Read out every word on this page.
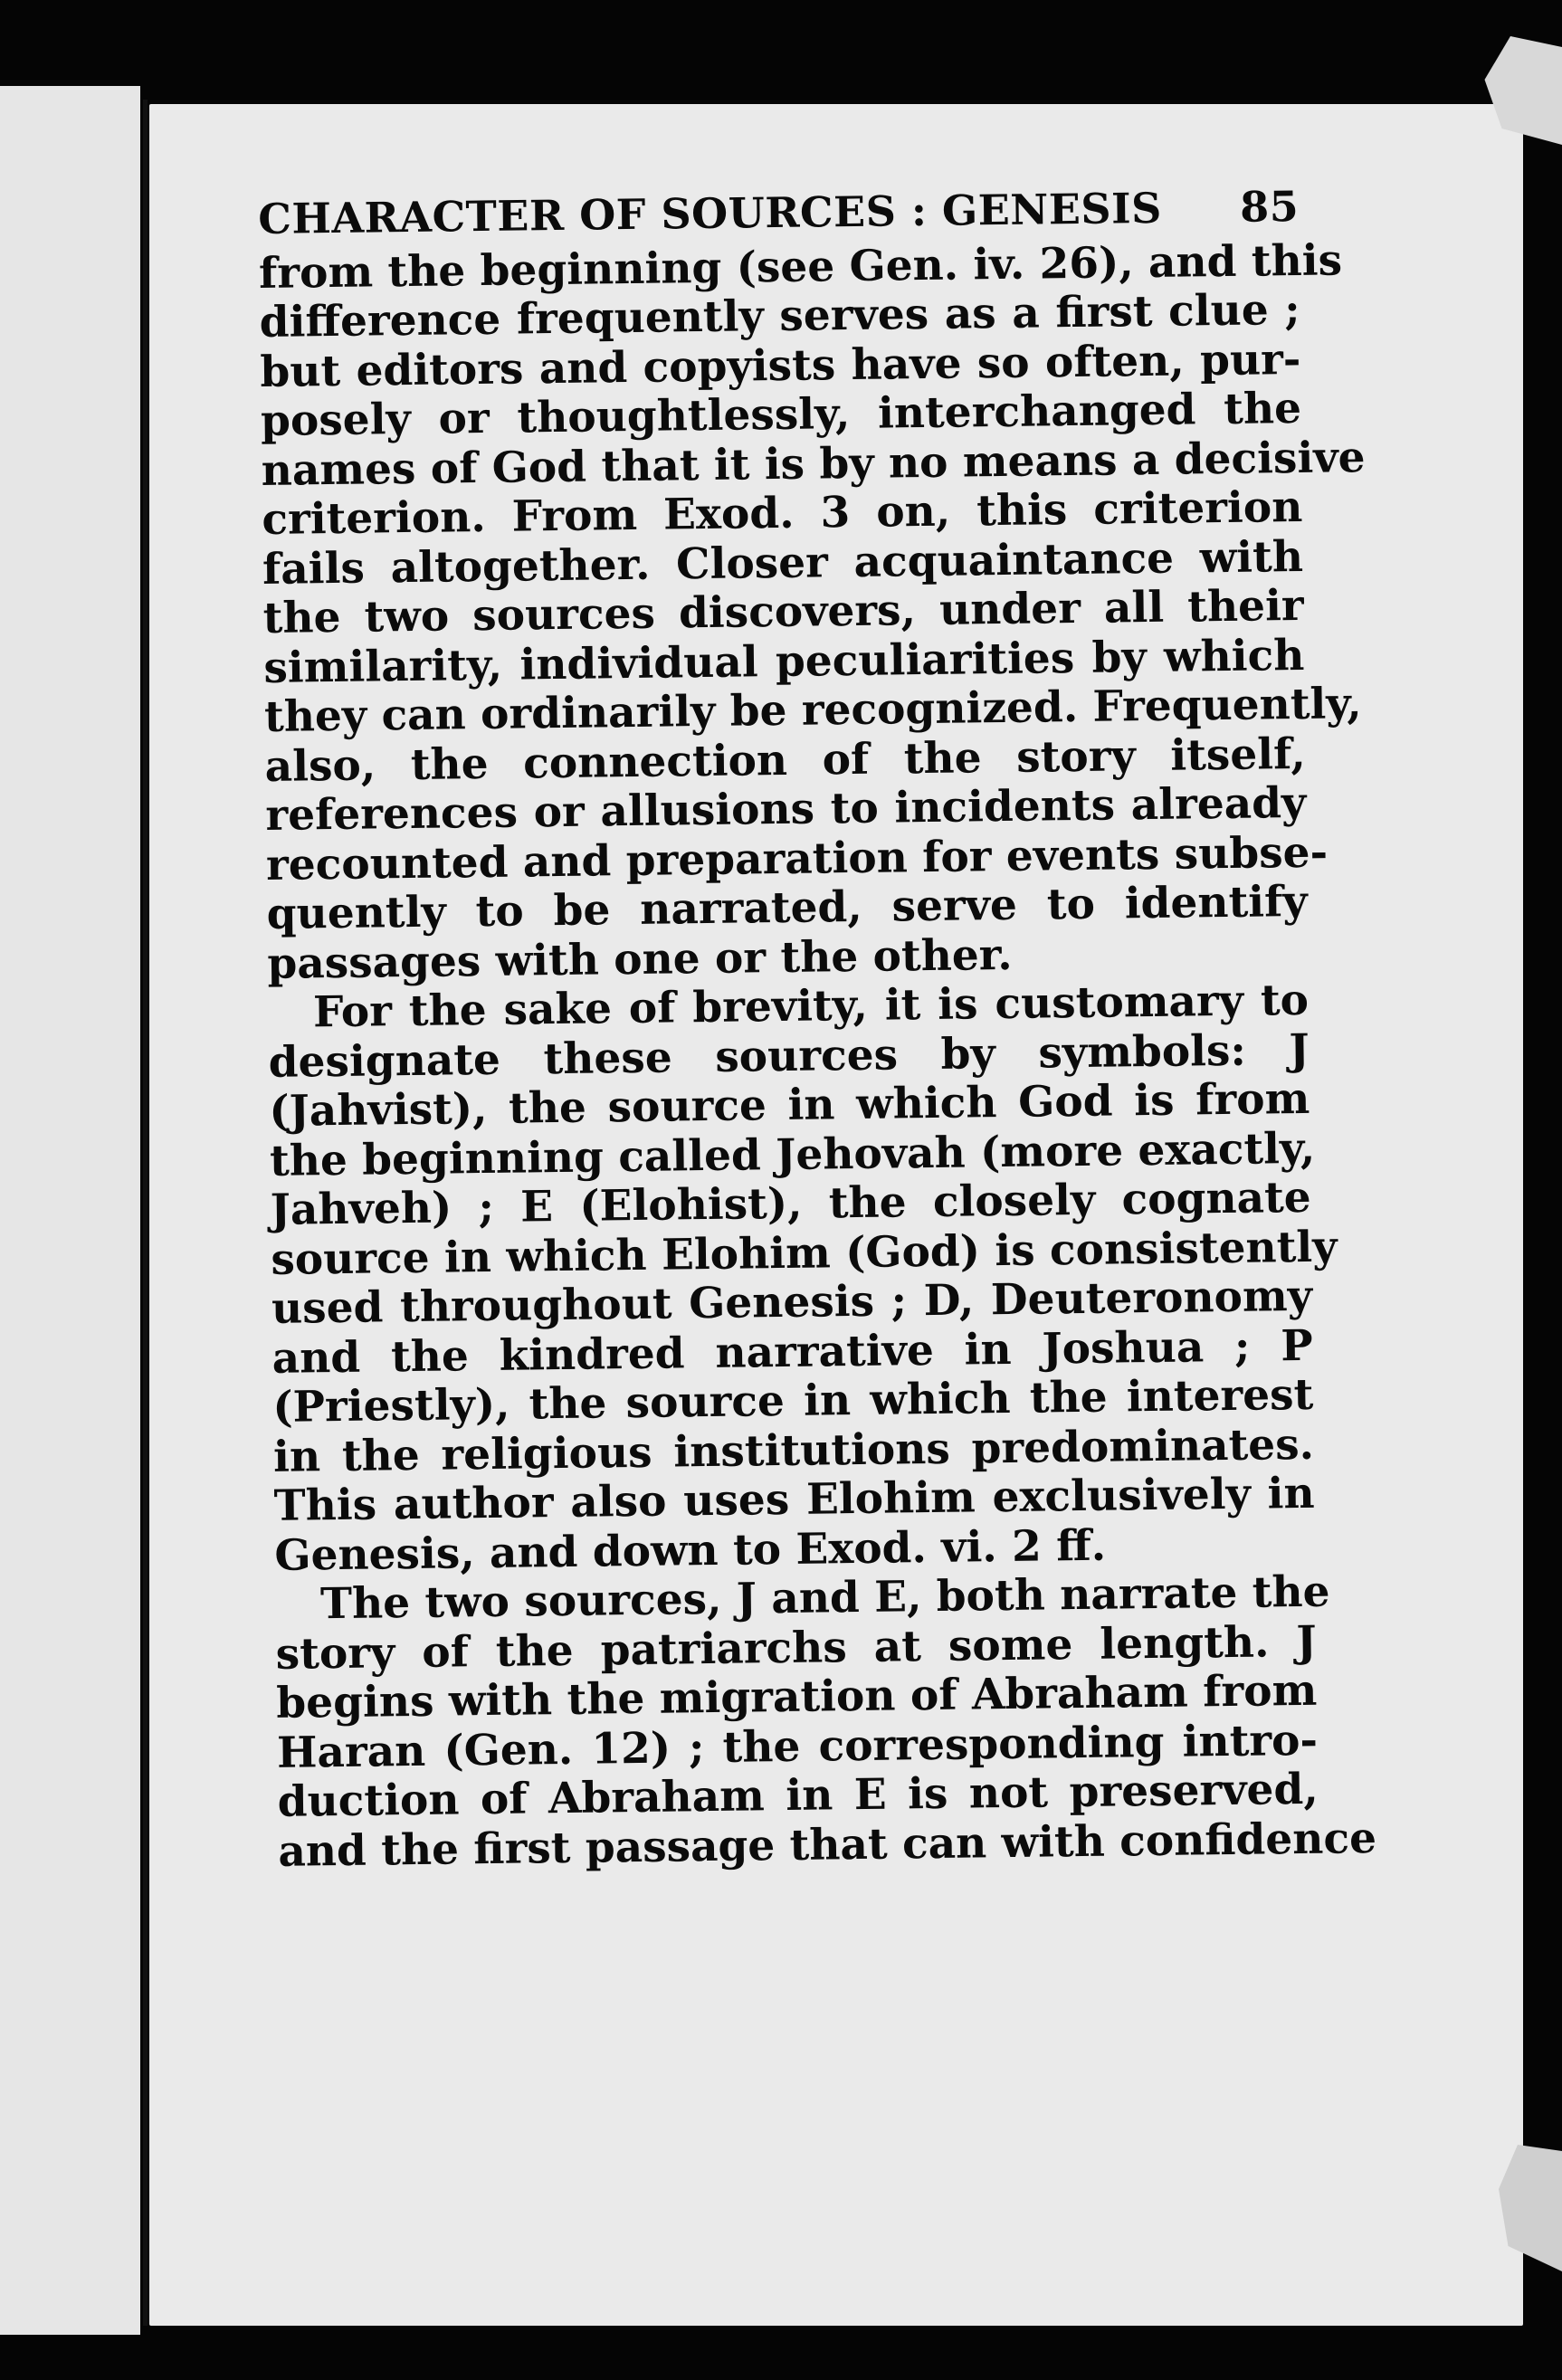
CHARACTER OF SOURCES : GENESIS 85
from the beginning (see Gen. iv. 26), and this
difference frequently serves as a first clue ;
but editors and copyists have so often, pur-
posely or thoughtlessly, interchanged the
names of God that it is by no means a decisive
criterion. From Exod. 3 on, this criterion
fails altogether. Closer acquaintance with
the two sources discovers, under all their
similarity, individual peculiarities by which
they can ordinarily be recognized. Frequently,
also, the connection of the story itself,
references or allusions to incidents already
recounted and preparation for events subse-
quently to be narrated, serve to identify
passages with one or the other.
For the sake of brevity, it is customary to
designate these sources by symbols: J
(Jahvist), the source in which God is from
the beginning called Jehovah (more exactly,
Jahveh) ; E (Elohist), the closely cognate
source in which Elohim (God) is consistently
used throughout Genesis ; D, Deuteronomy
and the kindred narrative in Joshua ; P
(Priestly), the source in which the interest
in the religious institutions predominates.
This author also uses Elohim exclusively in
Genesis, and down to Exod. vi. 2 ff.
The two sources, J and E, both narrate the
story of the patriarchs at some length. J
begins with the migration of Abraham from
Haran (Gen. 12) ; the corresponding intro-
duction of Abraham in E is not preserved,
and the first passage that can with confidence
